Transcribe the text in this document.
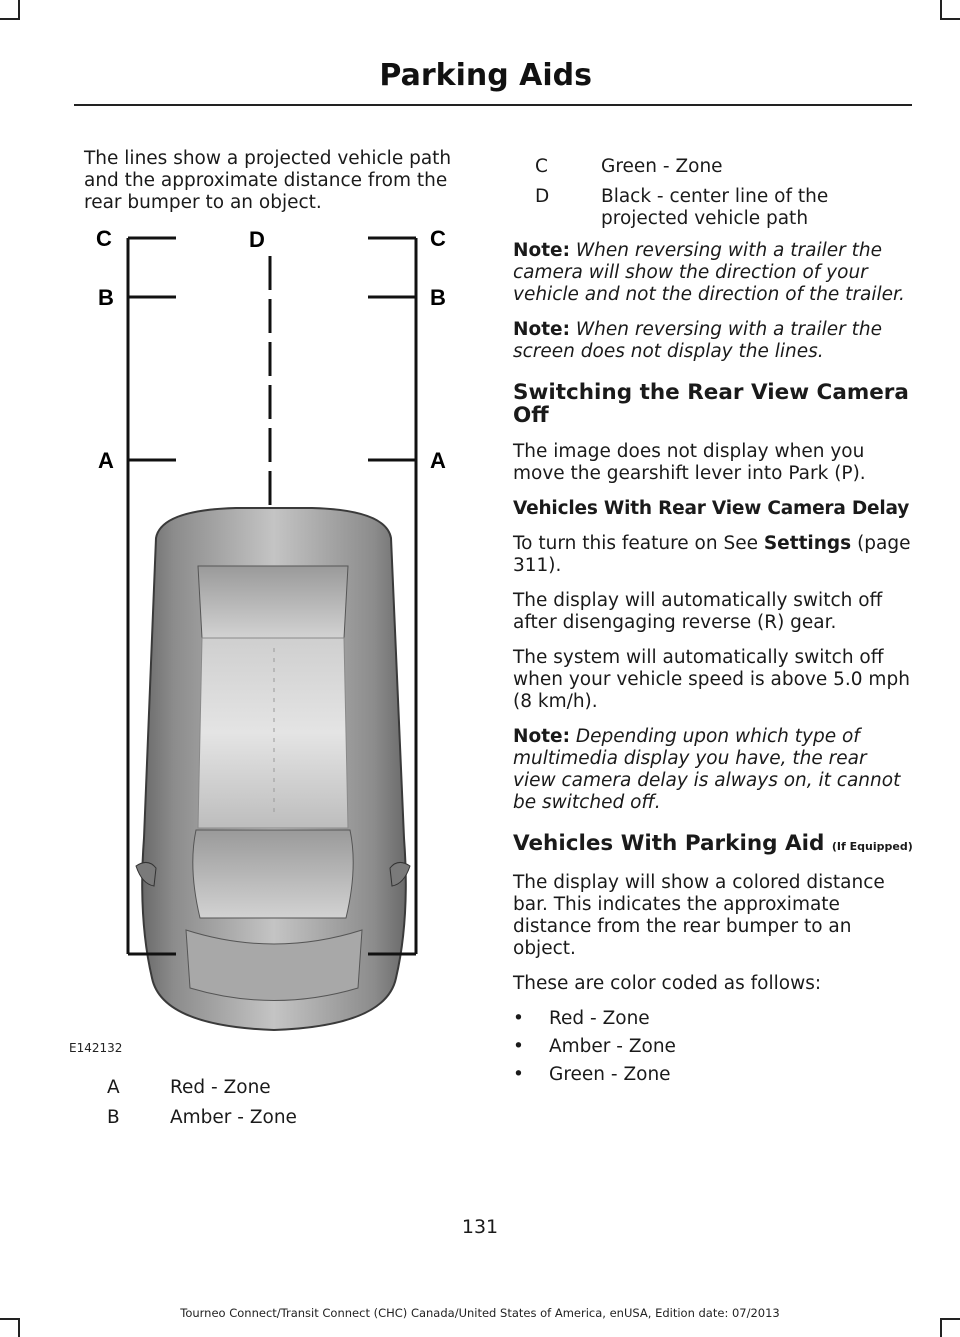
Parking Aids

The lines show a projected vehicle path and the approximate distance from the rear bumper to an object.

C	C
D
B	B
A	A
E142132
A	Red - Zone
B	Amber - Zone
C	Green - Zone
D	Black - center line of the projected vehicle path

Note: When reversing with a trailer the camera will show the direction of your vehicle and not the direction of the trailer.

Note: When reversing with a trailer the screen does not display the lines.

Switching the Rear View Camera Off

The image does not display when you move the gearshift lever into Park (P).

Vehicles With Rear View Camera Delay

To turn this feature on See Settings (page 311).

The display will automatically switch off after disengaging reverse (R) gear.

The system will automatically switch off when your vehicle speed is above 5.0 mph (8 km/h).

Note: Depending upon which type of multimedia display you have, the rear view camera delay is always on, it cannot be switched off.

Vehicles With Parking Aid (If Equipped)

The display will show a colored distance bar. This indicates the approximate distance from the rear bumper to an object.

These are color coded as follows:

•	Red - Zone
•	Amber - Zone
•	Green - Zone
131
Tourneo Connect/Transit Connect (CHC) Canada/United States of America, enUSA, Edition date: 07/2013
